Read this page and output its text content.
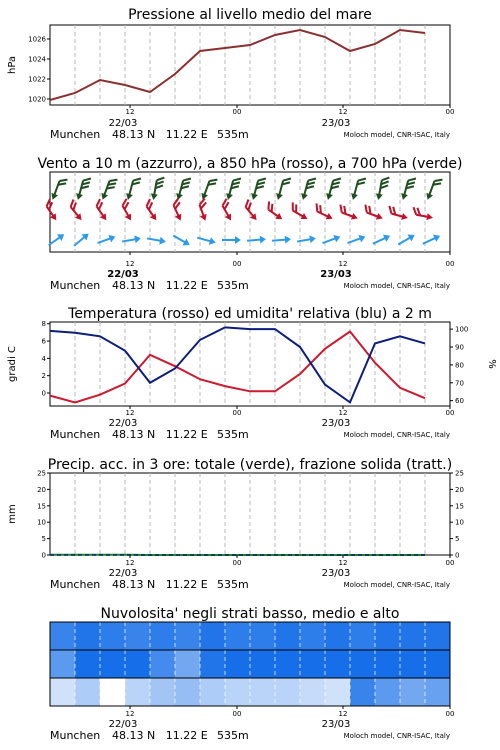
Pressione al livello medio del mare
1020
1022
1024
1026
hPa
12	00	12	00
22/03	23/03
Munchen 48.13 N   11.22 E 535m	Moloch model, CNR-ISAC, Italy
Vento a 10 m (azzurro), a 850 hPa (rosso), a 700 hPa (verde)
12	00	12	00
22/03	23/03
Munchen 48.13 N   11.22 E 535m	Moloch model, CNR-ISAC, Italy
Temperatura (rosso) ed umidita' relativa (blu) a 2 m
0
2
4
6
8
60
70
80
90
100
gradi C	%
12	00	12	00
22/03	23/03
Munchen 48.13 N   11.22 E 535m	Moloch model, CNR-ISAC, Italy
Precip. acc. in 3 ore: totale (verde), frazione solida (tratt.)
0
5
10
15
20
25
0
5
10
15
20
25
mm
12	00	12	00
22/03	23/03
Munchen 48.13 N   11.22 E 535m	Moloch model, CNR-ISAC, Italy
Nuvolosita' negli strati basso, medio e alto
12	00	12	00
22/03	23/03
Munchen 48.13 N   11.22 E 535m	Moloch model, CNR-ISAC, Italy
